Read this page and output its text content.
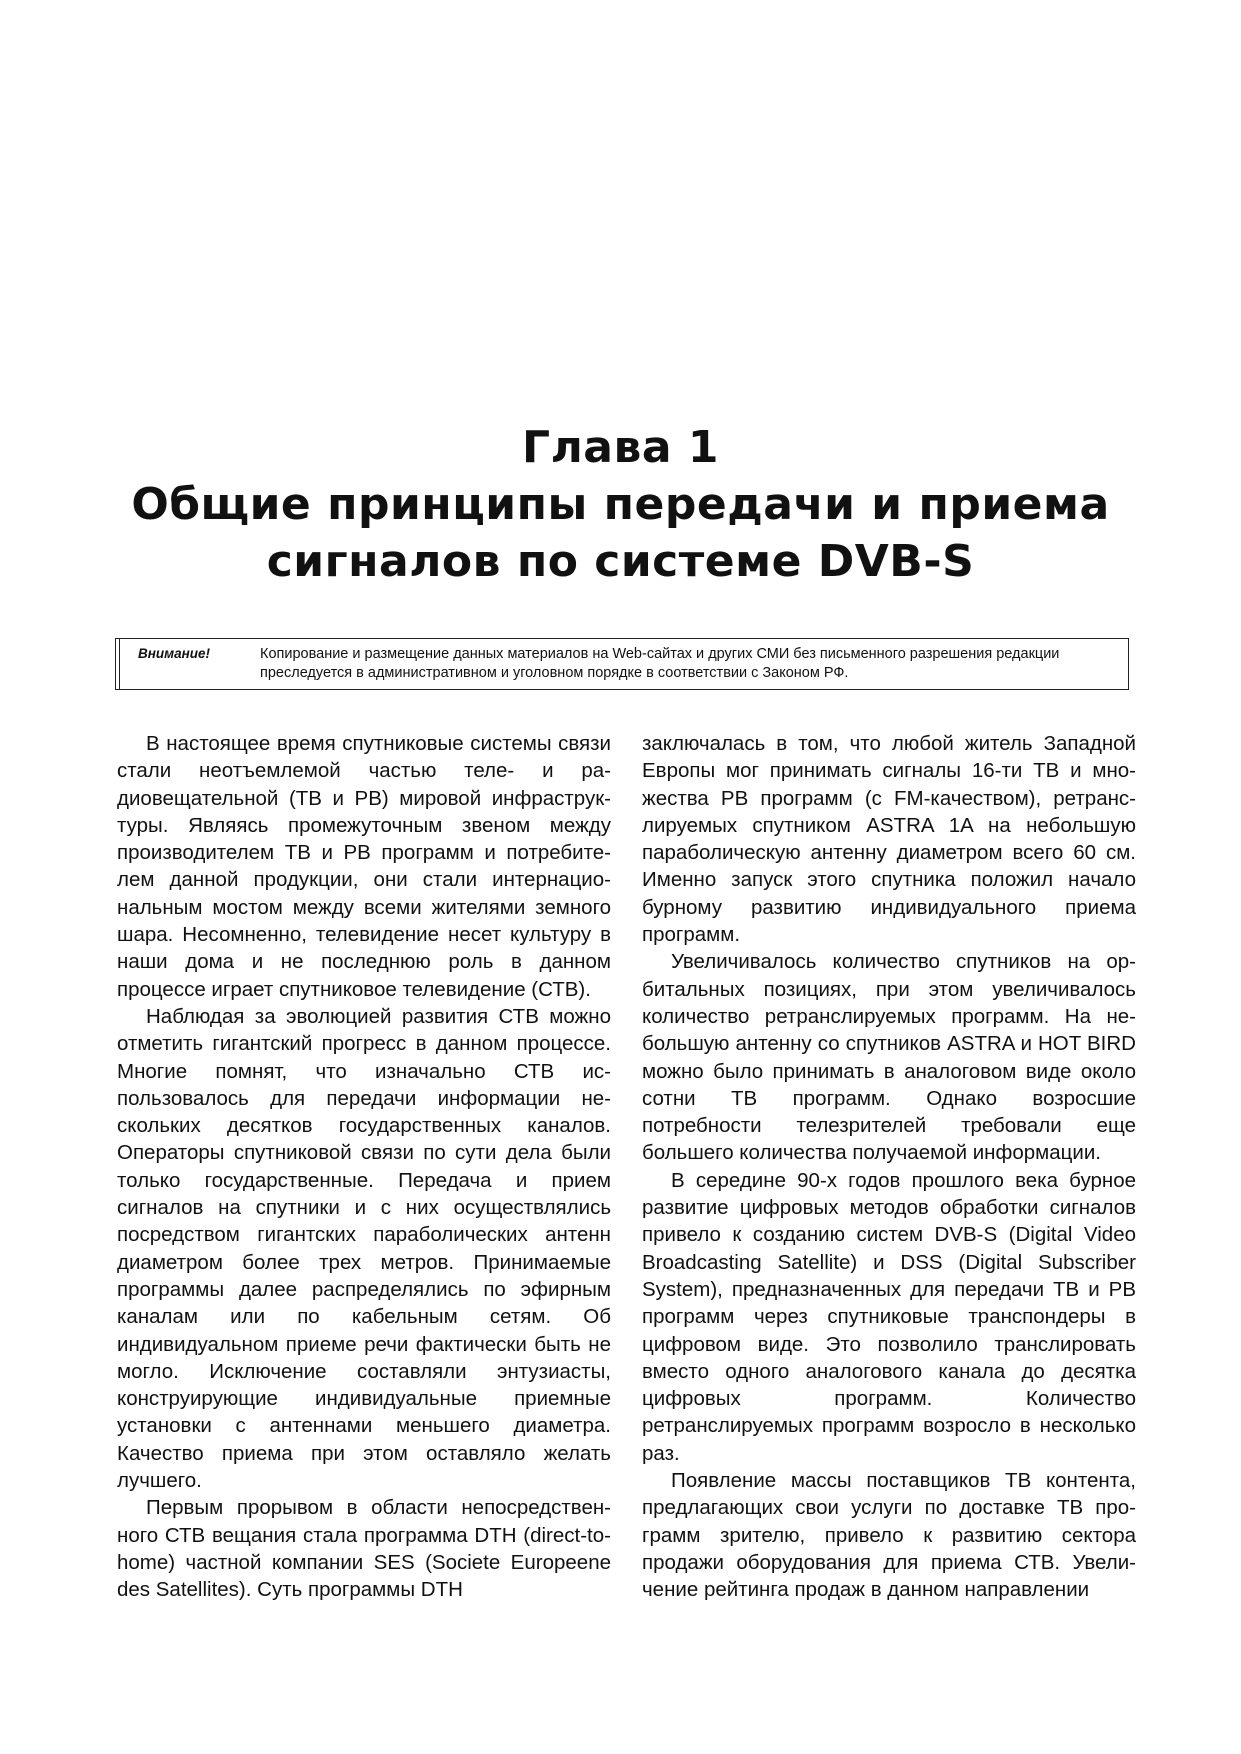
Глава 1
Общие принципы передачи и приема
сигналов по системе DVB-S
Внимание!	Копирование и размещение данных материалов на Web-сайтах и других СМИ без письменного разрешения редакции преследуется в административном и уголовном порядке в соответствии с Законом РФ.

В настоящее время спутниковые системы связи стали неотъемлемой частью теле- и радиовещательной (ТВ и РВ) мировой инфраструктуры. Являясь промежуточным звеном между производителем ТВ и РВ программ и потребителем данной продукции, они стали интернациональным мостом между всеми жителями земного шара. Несомненно, телевидение несет культуру в наши дома и не последнюю роль в данном процессе играет спутниковое телевидение (СТВ).

Наблюдая за эволюцией развития СТВ можно отметить гигантский прогресс в данном процессе. Многие помнят, что изначально СТВ использовалось для передачи информации нескольких десятков государственных каналов. Операторы спутниковой связи по сути дела были только государственные. Передача и прием сигналов на спутники и с них осуществлялись посредством гигантских параболических антенн диаметром более трех метров. Принимаемые программы далее распределялись по эфирным каналам или по кабельным сетям. Об индивидуальном приеме речи фактически быть не могло. Исключение составляли энтузиасты, конструирующие индивидуальные приемные установки с антеннами меньшего диаметра. Качество приема при этом оставляло желать лучшего.

Первым прорывом в области непосредственного СТВ вещания стала программа DTH (direct-to-home) частной компании SES (Societe Europeene des Satellites). Суть программы DTH

заключалась в том, что любой житель Западной Европы мог принимать сигналы 16-ти ТВ и множества РВ программ (с FM-качеством), ретранслируемых спутником ASTRA 1A на небольшую параболическую антенну диаметром всего 60 см. Именно запуск этого спутника положил начало бурному развитию индивидуального приема программ.

Увеличивалось количество спутников на орбитальных позициях, при этом увеличивалось количество ретранслируемых программ. На небольшую антенну со спутников ASTRA и HOT BIRD можно было принимать в аналоговом виде около сотни ТВ программ. Однако возросшие потребности телезрителей требовали еще большего количества получаемой информации.

В середине 90-х годов прошлого века бурное развитие цифровых методов обработки сигналов привело к созданию систем DVB-S (Digital Video Broadcasting Satellite) и DSS (Digital Subscriber System), предназначенных для передачи ТВ и РВ программ через спутниковые транспондеры в цифровом виде. Это позволило транслировать вместо одного аналогового канала до десятка цифровых программ. Количество ретранслируемых программ возросло в несколько раз.

Появление массы поставщиков ТВ контента, предлагающих свои услуги по доставке ТВ программ зрителю, привело к развитию сектора продажи оборудования для приема СТВ. Увеличение рейтинга продаж в данном направлении
